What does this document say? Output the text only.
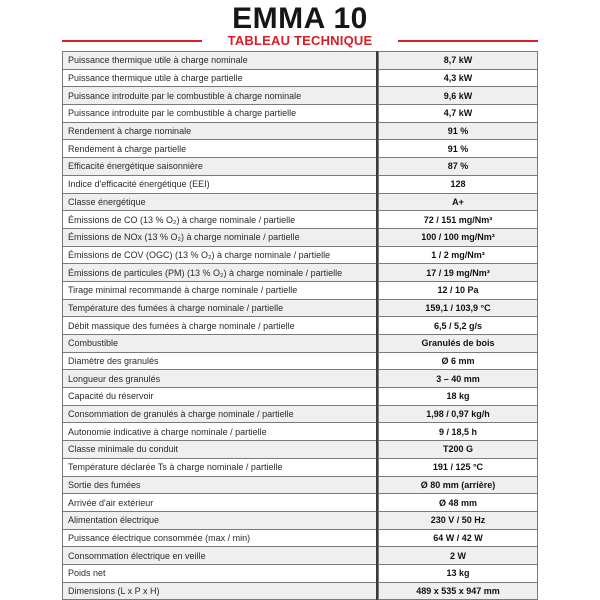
EMMA 10
TABLEAU TECHNIQUE
Puissance thermique utile à charge nominale		8,7 kW
Puissance thermique utile à charge partielle		4,3 kW
Puissance introduite par le combustible à charge nominale		9,6 kW
Puissance introduite par le combustible à charge partielle		4,7 kW
Rendement à charge nominale		91 %
Rendement à charge partielle		91 %
Efficacité énergétique saisonnière		87 %
Indice d'efficacité énergétique (EEI)		128
Classe énergétique		A+
Émissions de CO (13 % O₂) à charge nominale / partielle		72 / 151 mg/Nm³
Émissions de NOx (13 % O₂) à charge nominale / partielle		100 / 100 mg/Nm³
Émissions de COV (OGC) (13 % O₂) à charge nominale / partielle		1 / 2 mg/Nm³
Émissions de particules (PM) (13 % O₂) à charge nominale / partielle		17 / 19 mg/Nm³
Tirage minimal recommandé à charge nominale / partielle		12 / 10 Pa
Température des fumées à charge nominale / partielle		159,1 / 103,9 °C
Débit massique des fumées à charge nominale / partielle		6,5 / 5,2 g/s
Combustible		Granulés de bois
Diamètre des granulés		Ø 6 mm
Longueur des granulés		3 – 40 mm
Capacité du réservoir		18 kg
Consommation de granulés à charge nominale / partielle		1,98 / 0,97 kg/h
Autonomie indicative à charge nominale / partielle		9 / 18,5 h
Classe minimale du conduit		T200 G
Température déclarée Ts à charge nominale / partielle		191 / 125 °C
Sortie des fumées		Ø 80 mm (arrière)
Arrivée d'air extérieur		Ø 48 mm
Alimentation électrique		230 V / 50 Hz
Puissance électrique consommée (max / min)		64 W / 42 W
Consommation électrique en veille		2 W
Poids net		13 kg
Dimensions (L x P x H)		489 x 535 x 947 mm
